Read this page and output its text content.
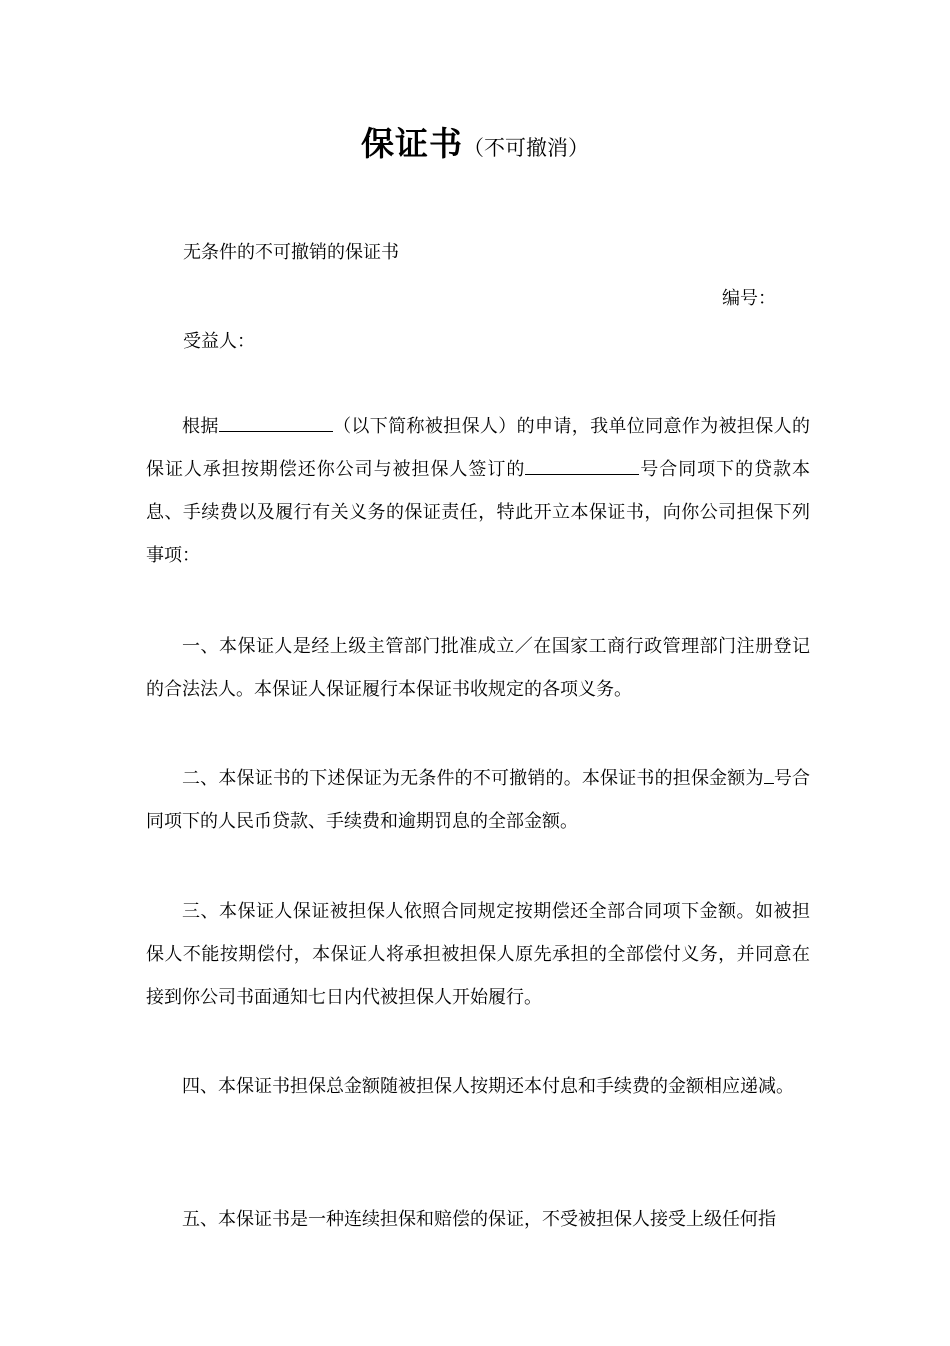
保证书（不可撤消）
无条件的不可撤销的保证书
编号：
受益人：

根据	（以下简称被担保人）的申请，我单位同意作为被担保人的保证人承担按期偿还你公司与被担保人签订的	号合同项下的贷款本息、手续费以及履行有关义务的保证责任，特此开立本保证书，向你公司担保下列事项：

一、本保证人是经上级主管部门批准成立／在国家工商行政管理部门注册登记的合法法人。本保证人保证履行本保证书收规定的各项义务。

二、本保证书的下述保证为无条件的不可撤销的。本保证书的担保金额为 号合同项下的人民币贷款、手续费和逾期罚息的全部金额。

三、本保证人保证被担保人依照合同规定按期偿还全部合同项下金额。如被担保人不能按期偿付，本保证人将承担被担保人原先承担的全部偿付义务，并同意在接到你公司书面通知七日内代被担保人开始履行。

四、本保证书担保总金额随被担保人按期还本付息和手续费的金额相应递减。

五、本保证书是一种连续担保和赔偿的保证，不受被担保人接受上级任何指
